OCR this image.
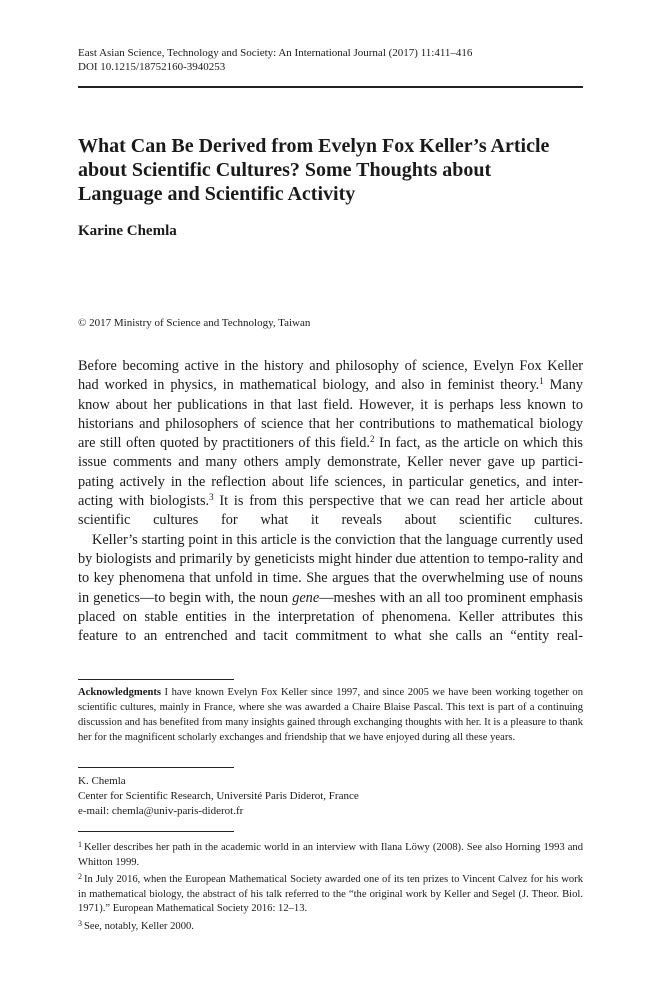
East Asian Science, Technology and Society: An International Journal (2017) 11:411–416
DOI 10.1215/18752160-3940253
What Can Be Derived from Evelyn Fox Keller’s Article
about Scientific Cultures? Some Thoughts about
Language and Scientific Activity
Karine Chemla
© 2017 Ministry of Science and Technology, Taiwan

Before becoming active in the history and philosophy of science, Evelyn Fox Keller had worked in physics, in mathematical biology, and also in feminist theory.$^1$ Many know about her publications in that last field. However, it is perhaps less known to historians and philosophers of science that her contributions to mathematical biology are still often quoted by practitioners of this field.$^2$ In fact, as the article on which this issue comments and many others amply demonstrate, Keller never gave up partici-pating actively in the reflection about life sciences, in particular genetics, and inter-acting with biologists.$^3$ It is from this perspective that we can read her article about scientific cultures for what it reveals about scientific cultures.

Keller’s starting point in this article is the conviction that the language currently used by biologists and primarily by geneticists might hinder due attention to tempo-rality and to key phenomena that unfold in time. She argues that the overwhelming use of nouns in genetics—to begin with, the noun gene—meshes with an all too prominent emphasis placed on stable entities in the interpretation of phenomena. Keller attributes this feature to an entrenched and tacit commitment to what she calls an “entity real-

Acknowledgments I have known Evelyn Fox Keller since 1997, and since 2005 we have been working together on scientific cultures, mainly in France, where she was awarded a Chaire Blaise Pascal. This text is part of a continuing discussion and has benefited from many insights gained through exchanging thoughts with her. It is a pleasure to thank her for the magnificent scholarly exchanges and friendship that we have enjoyed during all these years.

K. Chemla
Center for Scientific Research, Université Paris Diderot, France
e-mail: chemla@univ-paris-diderot.fr

$^1$ Keller describes her path in the academic world in an interview with Ilana Löwy (2008). See also Horning 1993 and Whitton 1999.

$^2$ In July 2016, when the European Mathematical Society awarded one of its ten prizes to Vincent Calvez for his work in mathematical biology, the abstract of his talk referred to the “the original work by Keller and Segel (J. Theor. Biol. 1971).” European Mathematical Society 2016: 12–13.

$^3$ See, notably, Keller 2000.
